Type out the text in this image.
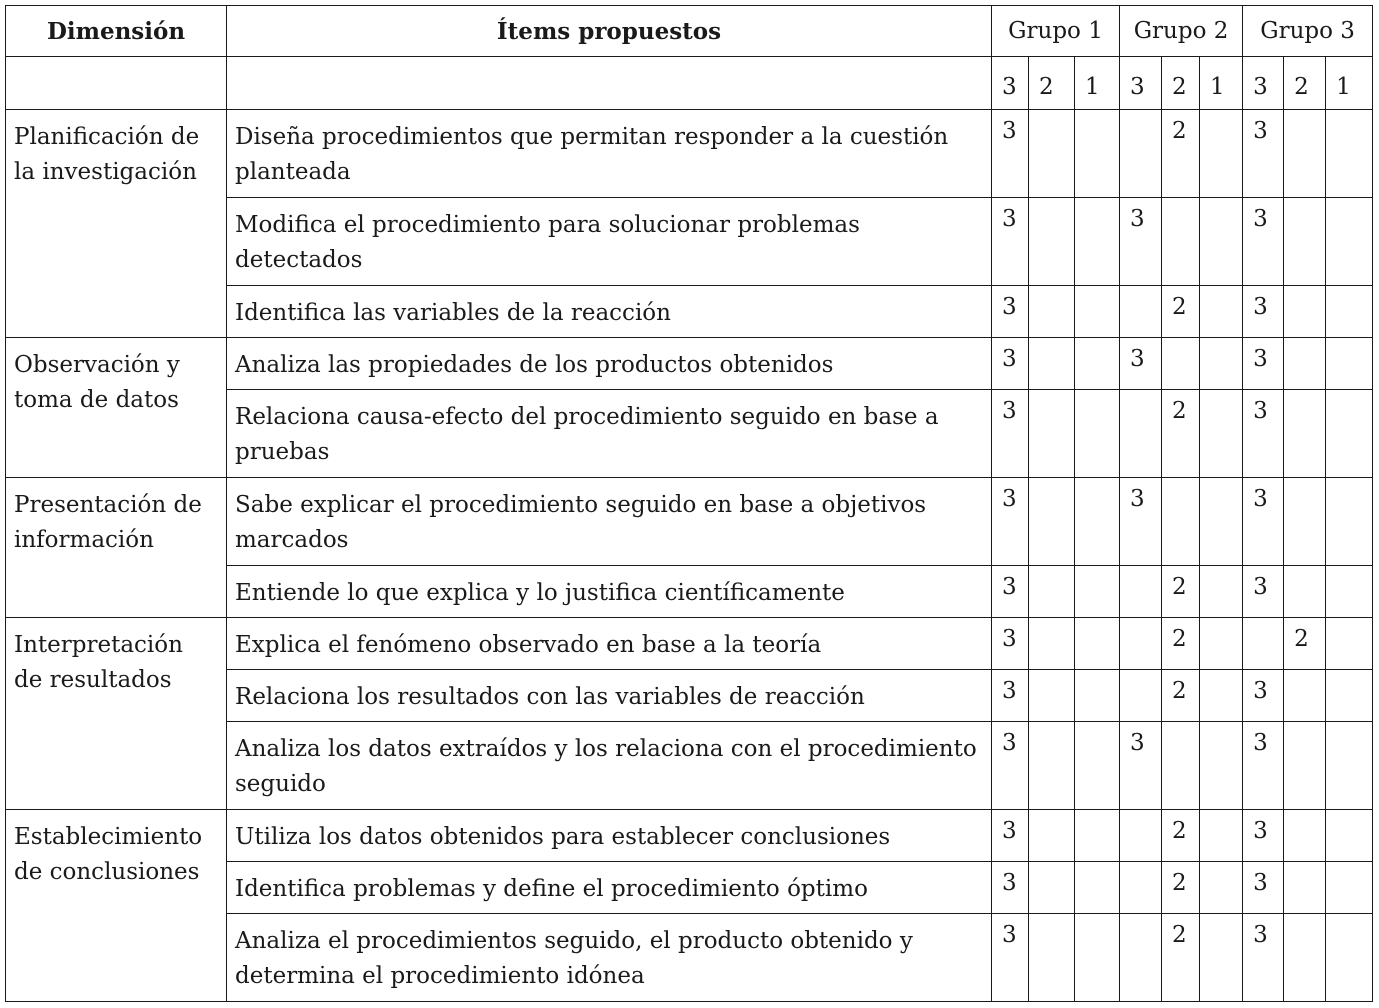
Dimensión	Ítems propuestos	Grupo 1			Grupo 2			Grupo 3		
		3	2	1	3	2	1	3	2	1
Planificación de la investigación	Diseña procedimientos que permitan responder a la cuestión planteada	3				2		3		
	Modifica el procedimiento para solucionar problemas detectados	3			3			3		
	Identifica las variables de la reacción	3				2		3		
Observación y toma de datos	Analiza las propiedades de los productos obtenidos	3			3			3		
	Relaciona causa-efecto del procedimiento seguido en base a pruebas	3				2		3		
Presentación de información	Sabe explicar el procedimiento seguido en base a objetivos marcados	3			3			3		
	Entiende lo que explica y lo justifica científicamente	3				2		3		
Interpretación de resultados	Explica el fenómeno observado en base a la teoría	3				2			2	
	Relaciona los resultados con las variables de reacción	3				2		3		
	Analiza los datos extraídos y los relaciona con el procedimiento seguido	3			3			3		
Establecimiento de conclusiones	Utiliza los datos obtenidos para establecer conclusiones	3				2		3		
	Identifica problemas y define el procedimiento óptimo	3				2		3		
	Analiza el procedimientos seguido, el producto obtenido y determina el procedimiento idónea	3				2		3		
